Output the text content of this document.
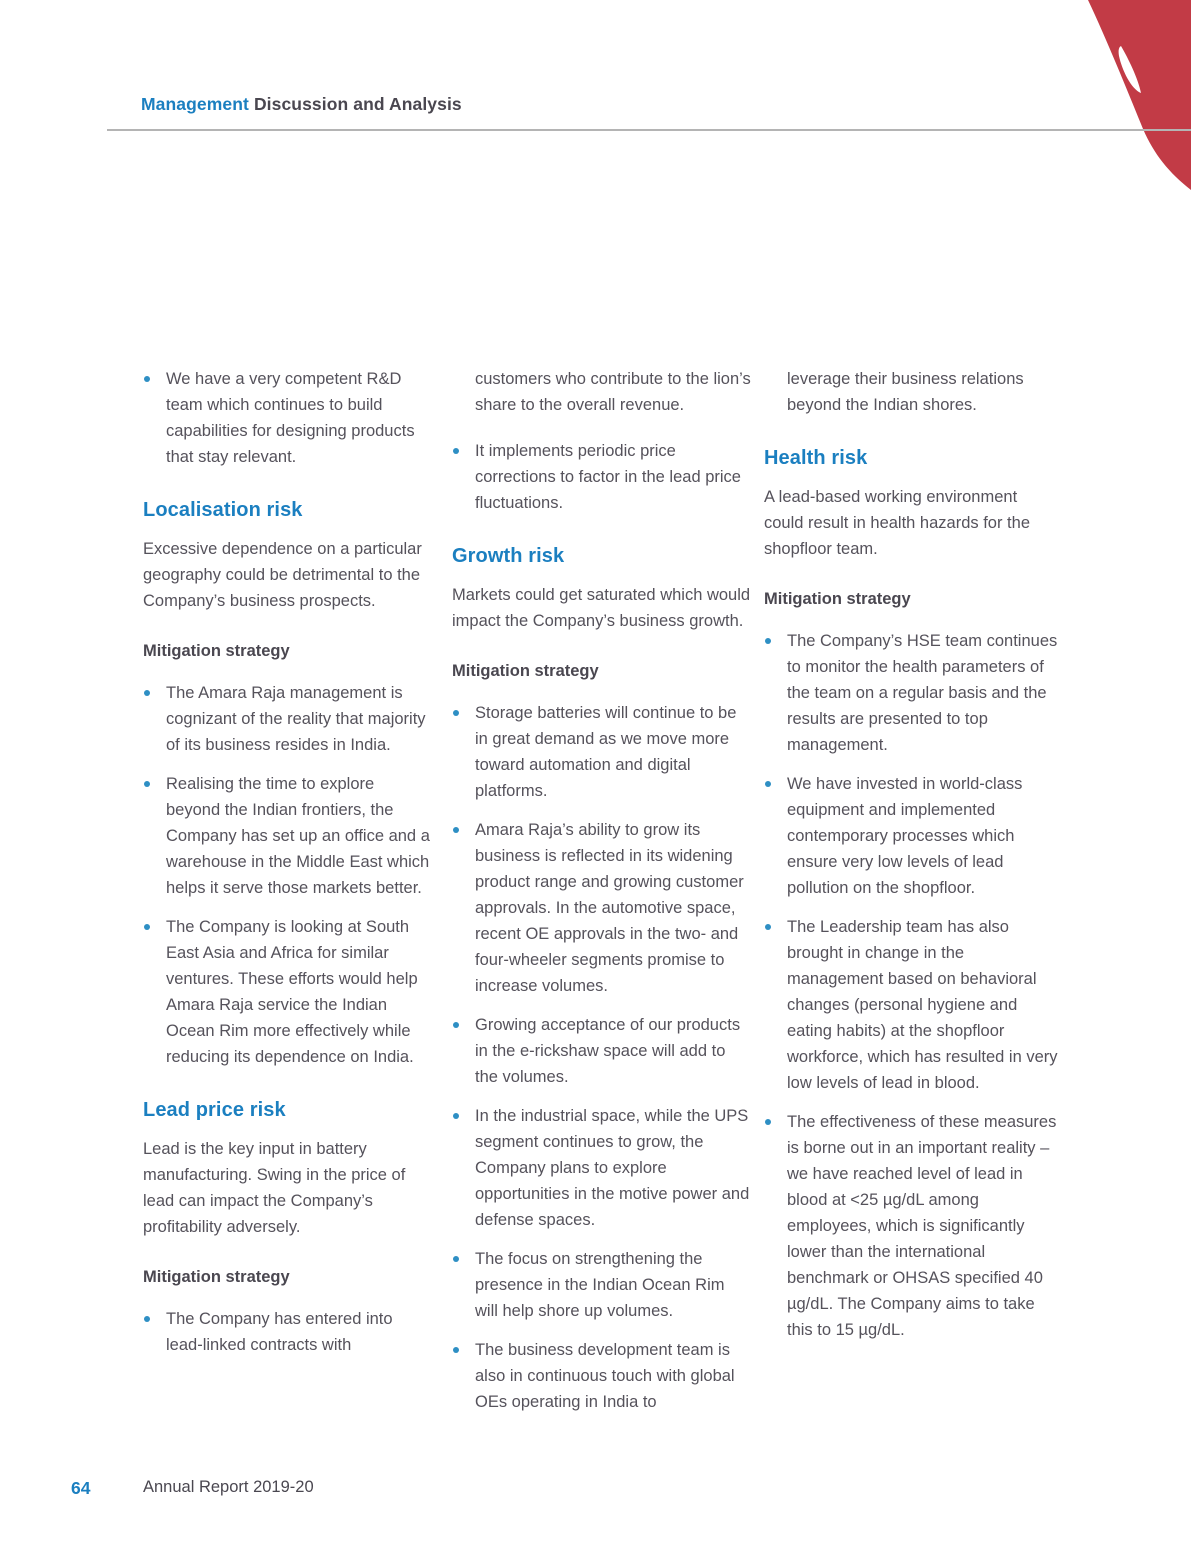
Management Discussion and Analysis
We have a very competent R&D team which continues to build capabilities for designing products that stay relevant.
Localisation risk

Excessive dependence on a particular geography could be detrimental to the Company’s business prospects.

Mitigation strategy

The Amara Raja management is cognizant of the reality that majority of its business resides in India.
Realising the time to explore beyond the Indian frontiers, the Company has set up an office and a warehouse in the Middle East which helps it serve those markets better.
The Company is looking at South East Asia and Africa for similar ventures. These efforts would help Amara Raja service the Indian Ocean Rim more effectively while reducing its dependence on India.
Lead price risk

Lead is the key input in battery manufacturing. Swing in the price of lead can impact the Company’s profitability adversely.

Mitigation strategy

The Company has entered into lead-linked contracts with

customers who contribute to the lion’s share to the overall revenue.

It implements periodic price corrections to factor in the lead price fluctuations.
Growth risk

Markets could get saturated which would impact the Company’s business growth.

Mitigation strategy

Storage batteries will continue to be in great demand as we move more toward automation and digital platforms.
Amara Raja’s ability to grow its business is reflected in its widening product range and growing customer approvals. In the automotive space, recent OE approvals in the two- and four-wheeler segments promise to increase volumes.
Growing acceptance of our products in the e-rickshaw space will add to the volumes.
In the industrial space, while the UPS segment continues to grow, the Company plans to explore opportunities in the motive power and defense spaces.
The focus on strengthening the presence in the Indian Ocean Rim will help shore up volumes.
The business development team is also in continuous touch with global OEs operating in India to

leverage their business relations beyond the Indian shores.

Health risk

A lead-based working environment could result in health hazards for the shopfloor team.

Mitigation strategy

The Company’s HSE team continues to monitor the health parameters of the team on a regular basis and the results are presented to top management.
We have invested in world-class equipment and implemented contemporary processes which ensure very low levels of lead pollution on the shopfloor.
The Leadership team has also brought in change in the management based on behavioral changes (personal hygiene and eating habits) at the shopfloor workforce, which has resulted in very low levels of lead in blood.
The effectiveness of these measures is borne out in an important reality – we have reached level of lead in blood at <25 µg/dL among employees, which is significantly lower than the international benchmark or OHSAS specified 40 µg/dL. The Company aims to take this to 15 µg/dL.
64	Annual Report 2019-20
